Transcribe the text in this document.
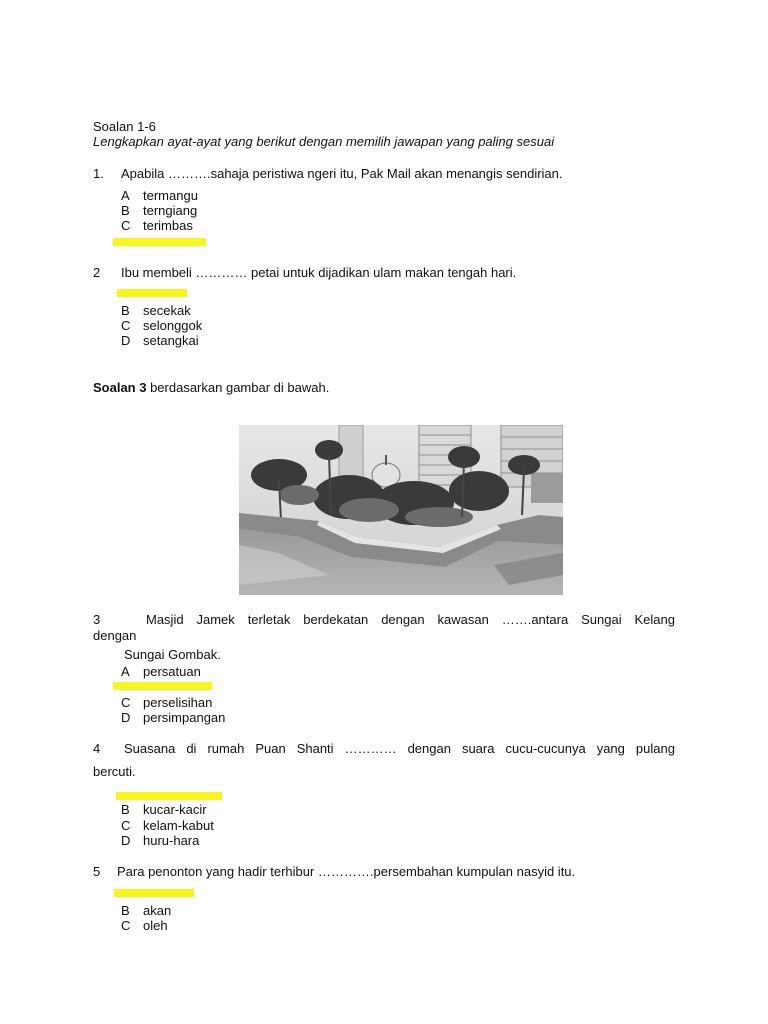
Soalan 1-6
Lengkapkan ayat-ayat yang berikut dengan memilih jawapan yang paling sesuai
1. Apabila ……….sahaja peristiwa ngeri itu, Pak Mail akan menangis sendirian.
A termangu
B terngiang
C terimbas
2 Ibu membeli ………… petai untuk dijadikan ulam makan tengah hari.
B secekak
C selonggok
D setangkai
Soalan 3 berdasarkan gambar di bawah.
3	Masjid Jamek terletak berdekatan dengan kawasan …….antara Sungai Kelang
dengan
Sungai Gombak.
A persatuan
C perselisihan
D persimpangan
4 Suasana di rumah Puan Shanti ………… dengan suara cucu-cucunya yang pulang
bercuti.
B kucar-kacir
C kelam-kabut
D huru-hara
5 Para penonton yang hadir terhibur ………….persembahan kumpulan nasyid itu.
B akan
C oleh
